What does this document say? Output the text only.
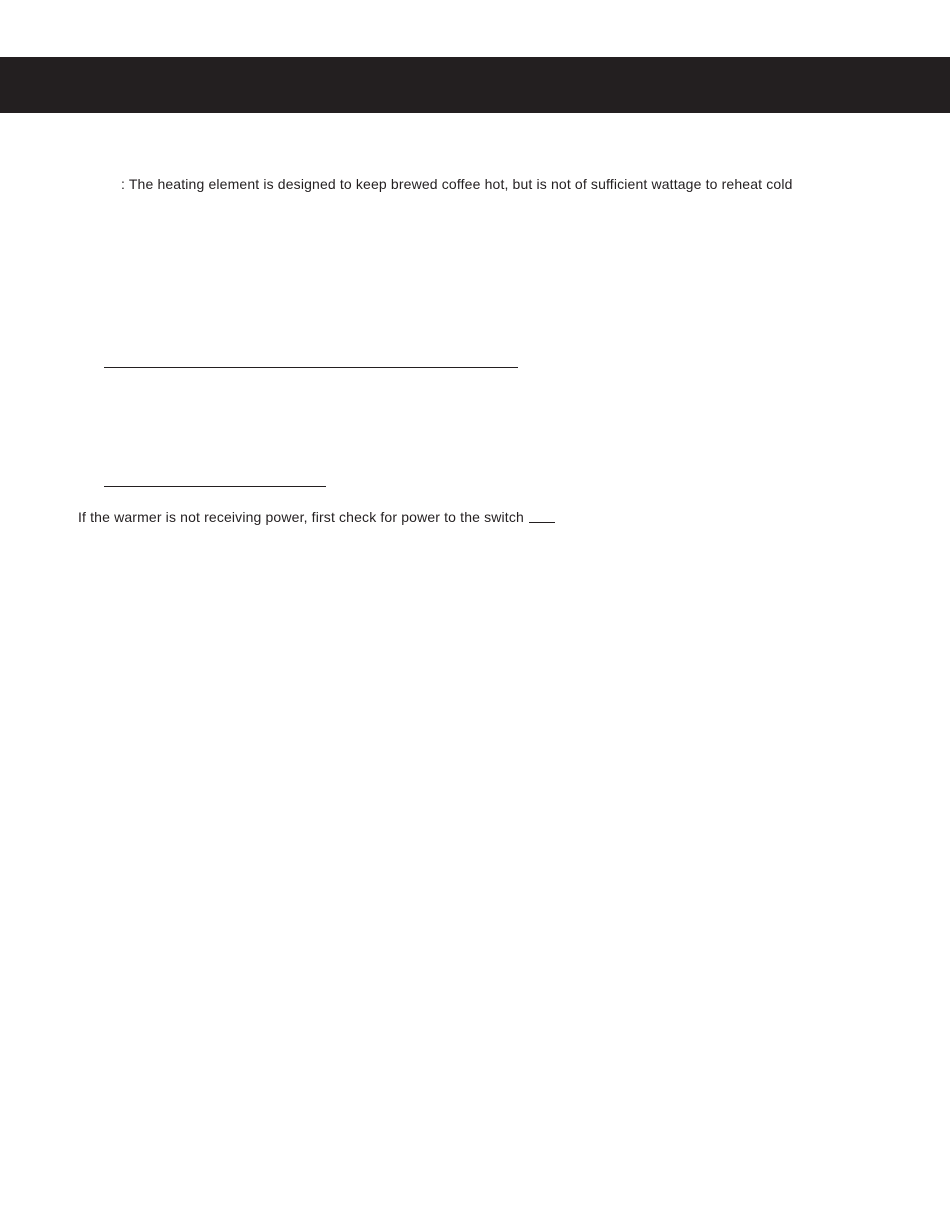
: The heating element is designed to keep brewed coffee hot, but is not of sufficient wattage to reheat cold
If the warmer is not receiving power, first check for power to the switch
